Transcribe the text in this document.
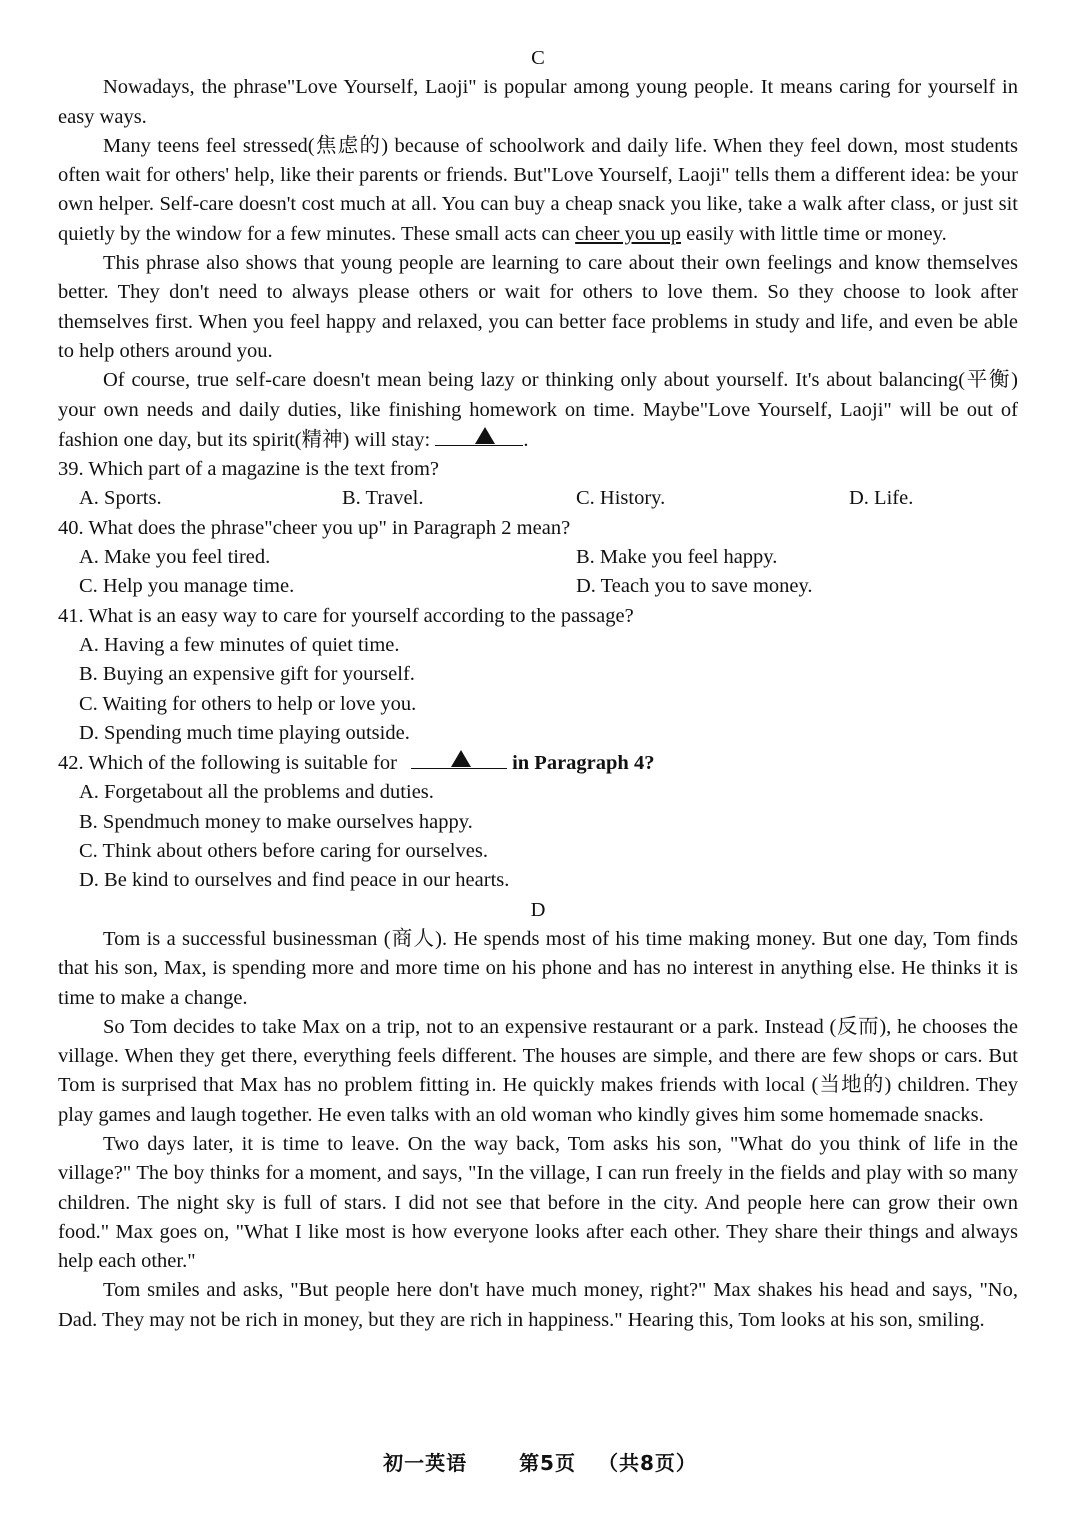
C

Nowadays, the phrase"Love Yourself, Laoji" is popular among young people. It means caring for yourself in easy ways.

Many teens feel stressed(焦虑的) because of schoolwork and daily life. When they feel down, most students often wait for others' help, like their parents or friends. But"Love Yourself, Laoji" tells them a different idea: be your own helper. Self-care doesn't cost much at all. You can buy a cheap snack you like, take a walk after class, or just sit quietly by the window for a few minutes. These small acts can cheer you up easily with little time or money.

This phrase also shows that young people are learning to care about their own feelings and know themselves better. They don't need to always please others or wait for others to love them. So they choose to look after themselves first. When you feel happy and relaxed, you can better face problems in study and life, and even be able to help others around you.

Of course, true self-care doesn't mean being lazy or thinking only about yourself. It's about balancing(平衡) your own needs and daily duties, like finishing homework on time. Maybe"Love Yourself, Laoji" will be out of fashion one day, but its spirit(精神) will stay:	.

39. Which part of a magazine is the text from?
A. Sports.	B. Travel.	C. History.	D. Life.
40. What does the phrase"cheer you up" in Paragraph 2 mean?
A. Make you feel tired.	B. Make you feel happy.
C. Help you manage time.	D. Teach you to save money.
41. What is an easy way to care for yourself according to the passage?
A. Having a few minutes of quiet time.
B. Buying an expensive gift for yourself.
C. Waiting for others to help or love you.
D. Spending much time playing outside.
42. Which of the following is suitable for	in Paragraph 4?
A. Forgetabout all the problems and duties.
B. Spendmuch money to make ourselves happy.
C. Think about others before caring for ourselves.
D. Be kind to ourselves and find peace in our hearts.
D

Tom is a successful businessman (商人). He spends most of his time making money. But one day, Tom finds that his son, Max, is spending more and more time on his phone and has no interest in anything else. He thinks it is time to make a change.

So Tom decides to take Max on a trip, not to an expensive restaurant or a park. Instead (反而), he chooses the village. When they get there, everything feels different. The houses are simple, and there are few shops or cars. But Tom is surprised that Max has no problem fitting in. He quickly makes friends with local (当地的) children. They play games and laugh together. He even talks with an old woman who kindly gives him some homemade snacks.

Two days later, it is time to leave. On the way back, Tom asks his son, "What do you think of life in the village?" The boy thinks for a moment, and says, "In the village, I can run freely in the fields and play with so many children. The night sky is full of stars. I did not see that before in the city. And people here can grow their own food." Max goes on, "What I like most is how everyone looks after each other. They share their things and always help each other."

Tom smiles and asks, "But people here don't have much money, right?" Max shakes his head and says, "No, Dad. They may not be rich in money, but they are rich in happiness." Hearing this, Tom looks at his son, smiling.

初一英语	第5页 （共8页）
